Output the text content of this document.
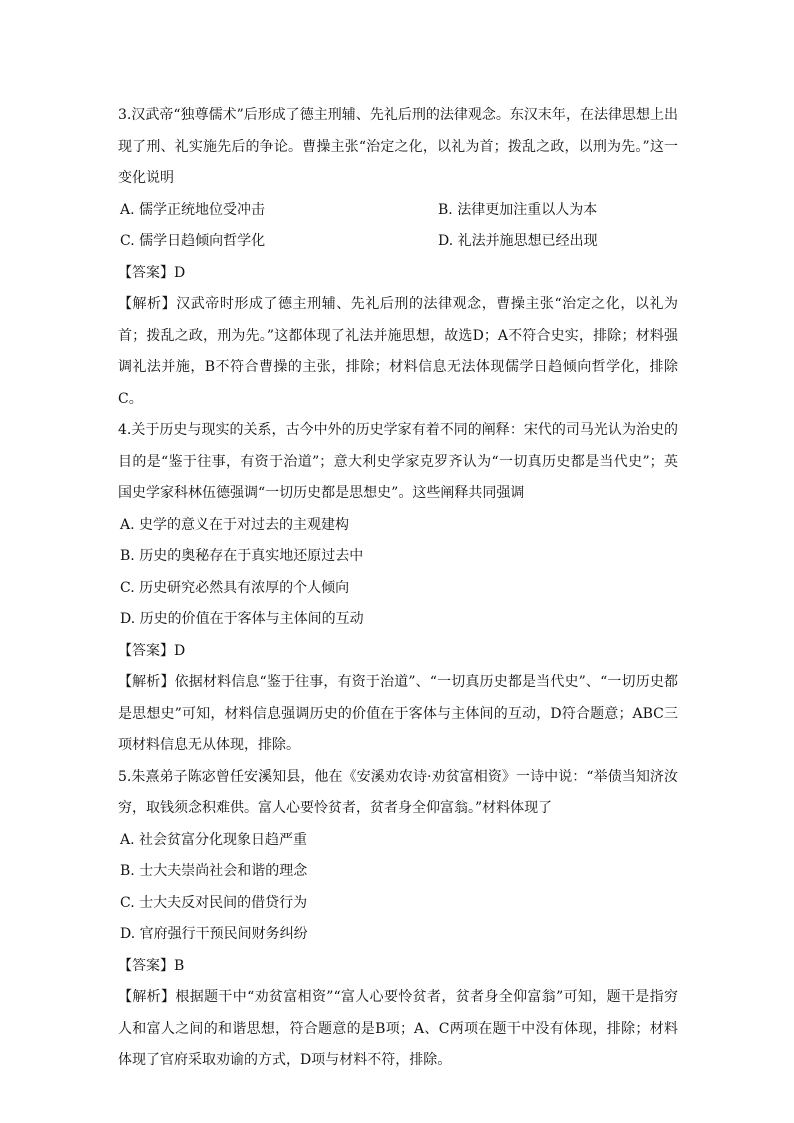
3.汉武帝“独尊儒术”后形成了德主刑辅、先礼后刑的法律观念。东汉末年，在法律思想上出现了刑、礼实施先后的争论。曹操主张“治定之化，以礼为首；拨乱之政，以刑为先。”这一变化说明

A. 儒学正统地位受冲击	B. 法律更加注重以人为本
C. 儒学日趋倾向哲学化	D. 礼法并施思想已经出现

【答案】D

【解析】汉武帝时形成了德主刑辅、先礼后刑的法律观念，曹操主张“治定之化，以礼为首；拨乱之政，刑为先。”这都体现了礼法并施思想，故选D；A不符合史实，排除；材料强调礼法并施，B不符合曹操的主张，排除；材料信息无法体现儒学日趋倾向哲学化，排除C。

4.关于历史与现实的关系，古今中外的历史学家有着不同的阐释：宋代的司马光认为治史的目的是“鉴于往事，有资于治道”；意大利史学家克罗齐认为“一切真历史都是当代史”；英国史学家科林伍德强调“一切历史都是思想史”。这些阐释共同强调

A. 史学的意义在于对过去的主观建构

B. 历史的奥秘存在于真实地还原过去中

C. 历史研究必然具有浓厚的个人倾向

D. 历史的价值在于客体与主体间的互动

【答案】D

【解析】依据材料信息“鉴于往事，有资于治道”、“一切真历史都是当代史”、“一切历史都是思想史”可知，材料信息强调历史的价值在于客体与主体间的互动，D符合题意；ABC三项材料信息无从体现，排除。

5.朱熹弟子陈宓曾任安溪知县，他在《安溪劝农诗·劝贫富相资》一诗中说：“举债当知济汝穷，取钱须念积难供。富人心要怜贫者，贫者身全仰富翁。”材料体现了

A. 社会贫富分化现象日趋严重

B. 士大夫崇尚社会和谐的理念

C. 士大夫反对民间的借贷行为

D. 官府强行干预民间财务纠纷

【答案】B

【解析】根据题干中“劝贫富相资”“富人心要怜贫者，贫者身全仰富翁”可知，题干是指穷人和富人之间的和谐思想，符合题意的是B项；A、C两项在题干中没有体现，排除；材料体现了官府采取劝谕的方式，D项与材料不符，排除。
